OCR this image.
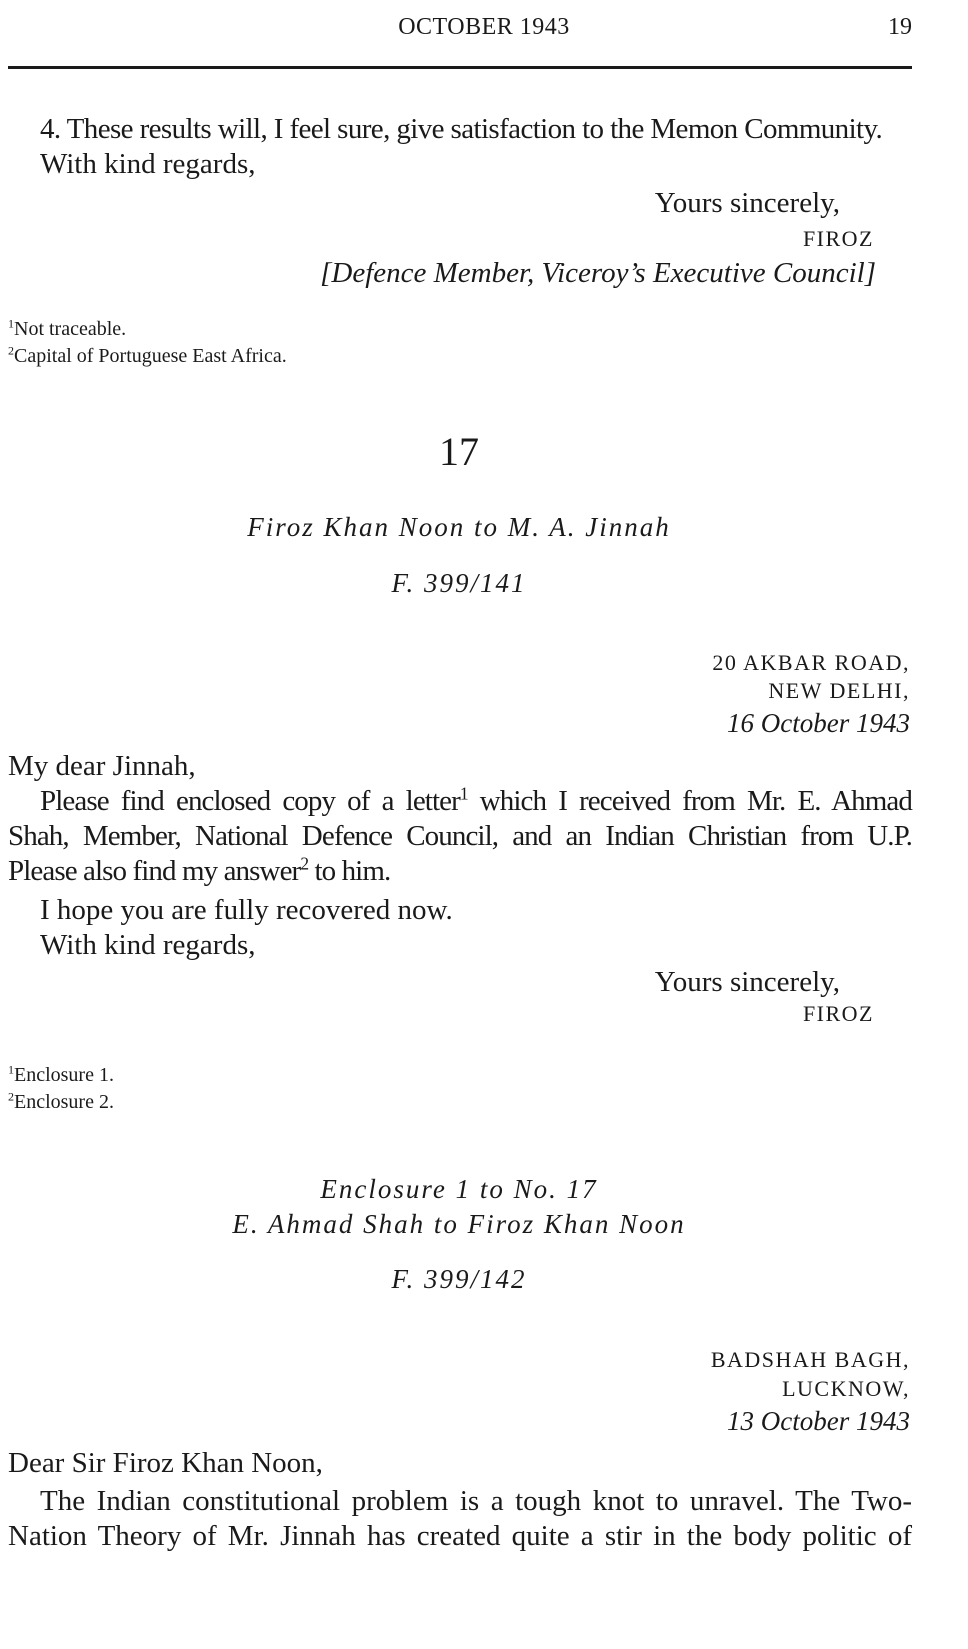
OCTOBER 1943	19
4. These results will, I feel sure, give satisfaction to the Memon Community.
With kind regards,
Yours sincerely,
FIROZ
[Defence Member, Viceroy’s Executive Council]
$^1$Not traceable.
$^2$Capital of Portuguese East Africa.
17
Firoz Khan Noon to M. A. Jinnah
F. 399/141
20 AKBAR ROAD,
NEW DELHI,
16 October 1943
My dear Jinnah,
Please find enclosed copy of a letter$^1$ which I received from Mr. E. Ahmad
Shah, Member, National Defence Council, and an Indian Christian from U.P.
Please also find my answer$^2$ to him.
I hope you are fully recovered now.
With kind regards,
Yours sincerely,
FIROZ
$^1$Enclosure 1.
$^2$Enclosure 2.
Enclosure 1 to No. 17
E. Ahmad Shah to Firoz Khan Noon
F. 399/142
BADSHAH BAGH,
LUCKNOW,
13 October 1943
Dear Sir Firoz Khan Noon,
The Indian constitutional problem is a tough knot to unravel. The Two-
Nation Theory of Mr. Jinnah has created quite a stir in the body politic of
